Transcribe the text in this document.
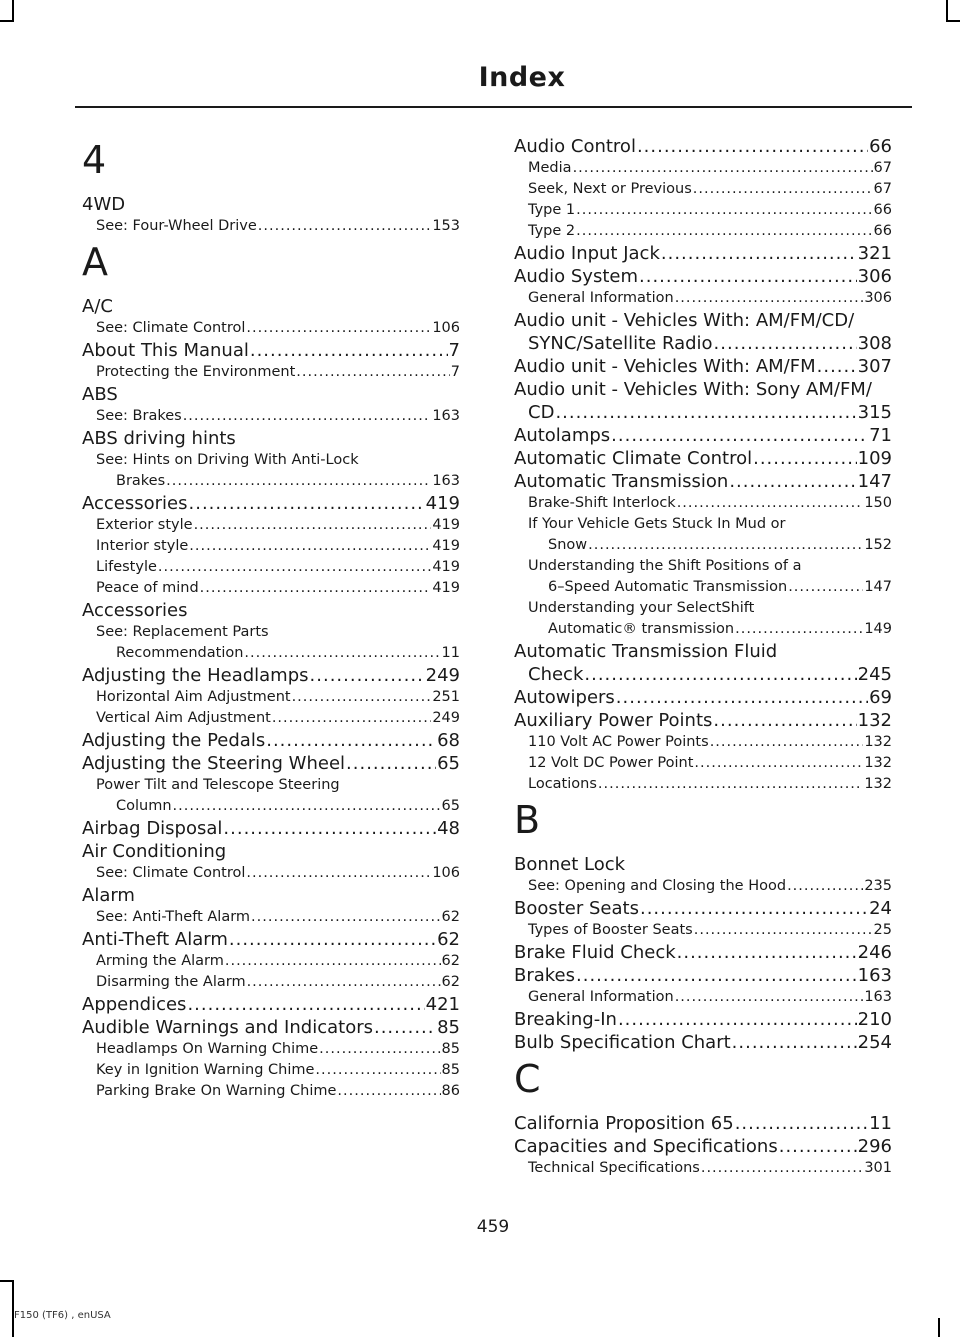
Index
4
4WD
See: Four-Wheel Drive .....	153
A
A/C
See: Climate Control .....	106
About This Manual .....	7
Protecting the Environment .....	7
ABS
See: Brakes .....	163
ABS driving hints
See: Hints on Driving With Anti-Lock
Brakes .....	163
Accessories .....	419
Exterior style .....	419
Interior style .....	419
Lifestyle .....	419
Peace of mind .....	419
Accessories
See: Replacement Parts
Recommendation .....	11
Adjusting the Headlamps .....	249
Horizontal Aim Adjustment .....	251
Vertical Aim Adjustment .....	249
Adjusting the Pedals .....	68
Adjusting the Steering Wheel .....	65
Power Tilt and Telescope Steering
Column .....	65
Airbag Disposal .....	48
Air Conditioning
See: Climate Control .....	106
Alarm
See: Anti-Theft Alarm .....	62
Anti-Theft Alarm .....	62
Arming the Alarm .....	62
Disarming the Alarm .....	62
Appendices .....	421
Audible Warnings and Indicators .....	85
Headlamps On Warning Chime .....	85
Key in Ignition Warning Chime .....	85
Parking Brake On Warning Chime .....	86
Audio Control .....	66
Media .....	67
Seek, Next or Previous .....	67
Type 1 .....	66
Type 2 .....	66
Audio Input Jack .....	321
Audio System .....	306
General Information .....	306
Audio unit - Vehicles With: AM/FM/CD/
SYNC/Satellite Radio .....	308
Audio unit - Vehicles With: AM/FM ..... 307
Audio unit - Vehicles With: Sony AM/FM/
CD .....	315
Autolamps .....	71
Automatic Climate Control .....	109
Automatic Transmission .....	147
Brake-Shift Interlock .....	150
If Your Vehicle Gets Stuck In Mud or
Snow .....	152
Understanding the Shift Positions of a
6–Speed Automatic Transmission .....	147
Understanding your SelectShift
Automatic® transmission .....	149
Automatic Transmission Fluid
Check .....	245
Autowipers .....	69
Auxiliary Power Points .....	132
110 Volt AC Power Points .....	132
12 Volt DC Power Point .....	132
Locations .....	132
B
Bonnet Lock
See: Opening and Closing the Hood .....	235
Booster Seats .....	24
Types of Booster Seats .....	25
Brake Fluid Check .....	246
Brakes .....	163
General Information .....	163
Breaking-In .....	210
Bulb Specification Chart .....	254
C
California Proposition 65 .....	11
Capacities and Specifications .....	296
Technical Specifications .....	301
459
F150 (TF6) , enUSA
